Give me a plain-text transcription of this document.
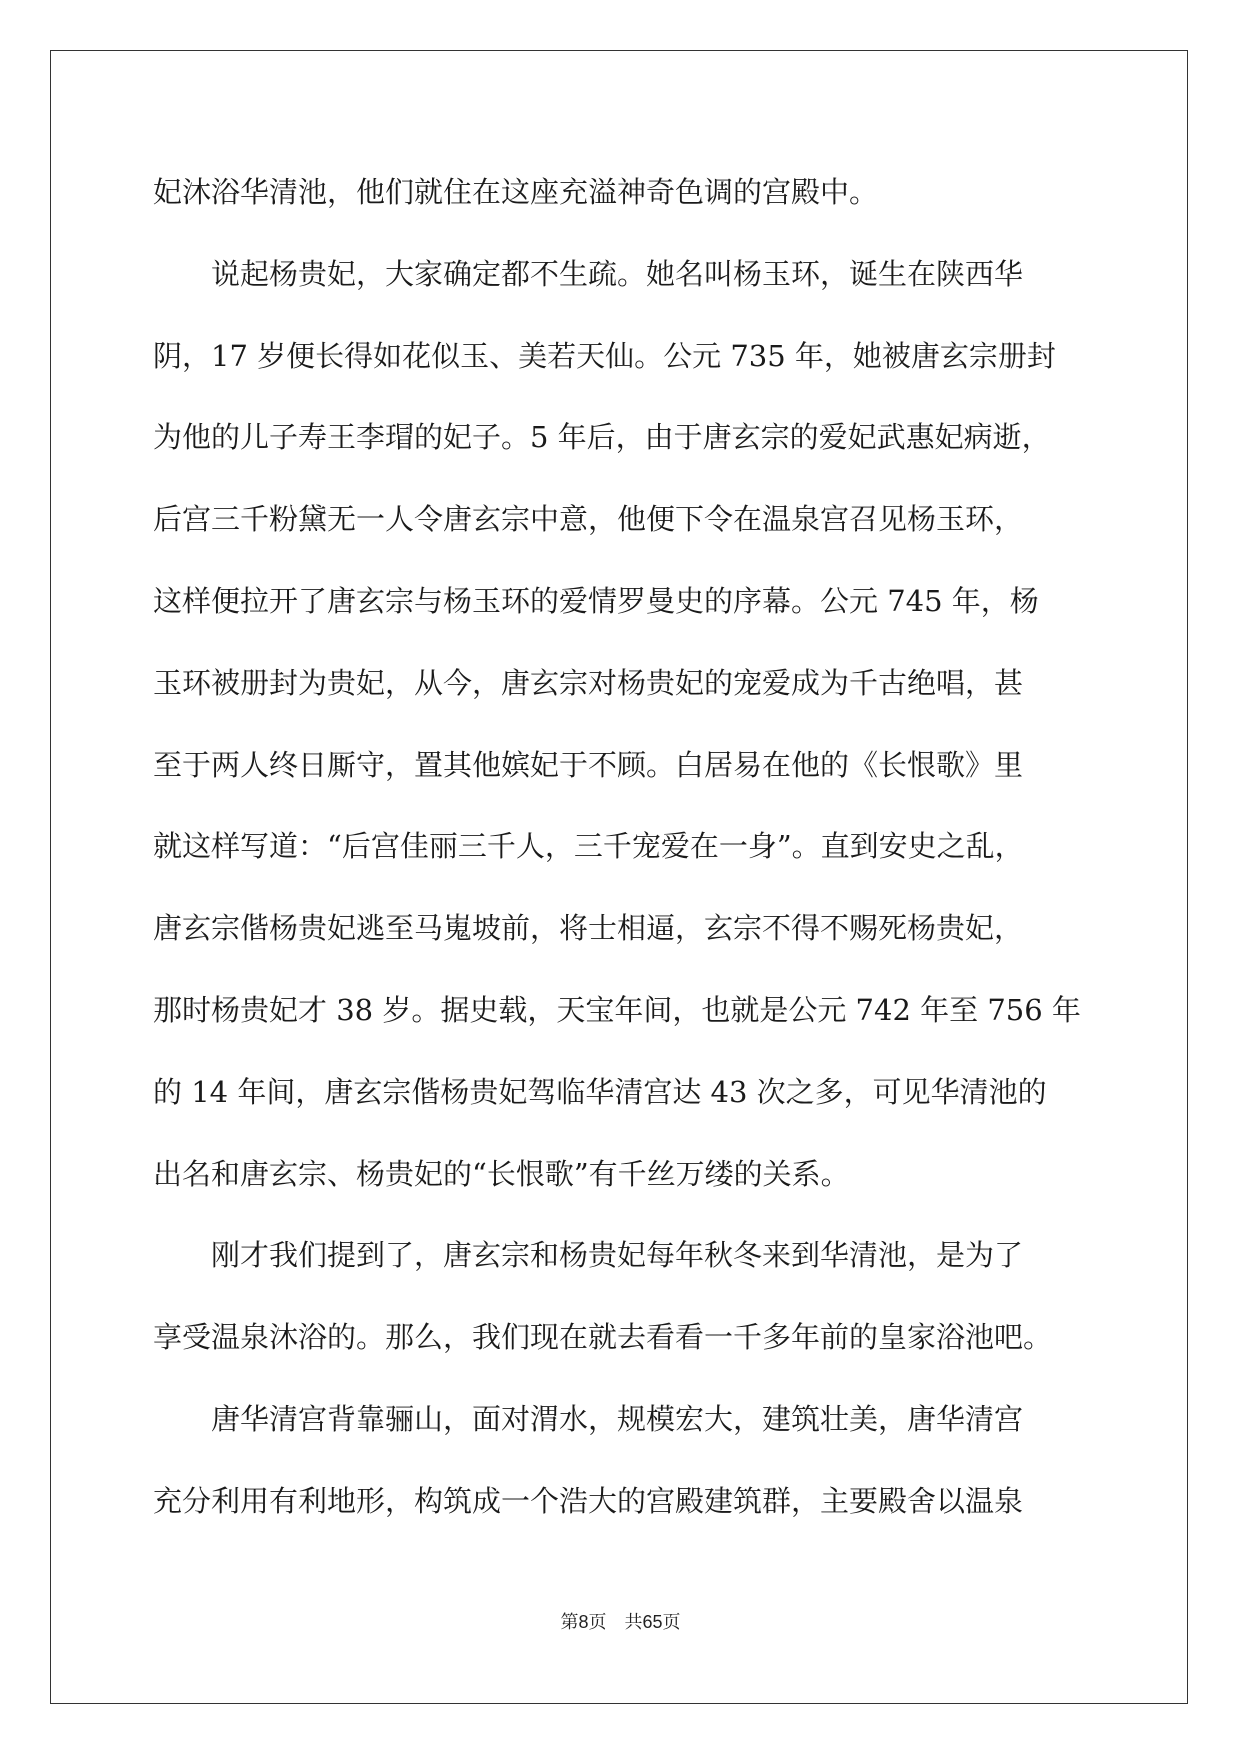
妃沐浴华清池，他们就住在这座充溢神奇色调的宫殿中。
　　说起杨贵妃，大家确定都不生疏。她名叫杨玉环，诞生在陕西华
阴，17 岁便长得如花似玉、美若天仙。公元 735 年，她被唐玄宗册封
为他的儿子寿王李瑁的妃子。5 年后，由于唐玄宗的爱妃武惠妃病逝，
后宫三千粉黛无一人令唐玄宗中意，他便下令在温泉宫召见杨玉环，
这样便拉开了唐玄宗与杨玉环的爱情罗曼史的序幕。公元 745 年，杨
玉环被册封为贵妃，从今，唐玄宗对杨贵妃的宠爱成为千古绝唱，甚
至于两人终日厮守，置其他嫔妃于不顾。白居易在他的《长恨歌》里
就这样写道：“后宫佳丽三千人，三千宠爱在一身”。直到安史之乱，
唐玄宗偕杨贵妃逃至马嵬坡前，将士相逼，玄宗不得不赐死杨贵妃，
那时杨贵妃才 38 岁。据史载，天宝年间，也就是公元 742 年至 756 年
的 14 年间，唐玄宗偕杨贵妃驾临华清宫达 43 次之多，可见华清池的
出名和唐玄宗、杨贵妃的“长恨歌”有千丝万缕的关系。
　　刚才我们提到了，唐玄宗和杨贵妃每年秋冬来到华清池，是为了
享受温泉沐浴的。那么，我们现在就去看看一千多年前的皇家浴池吧。
　　唐华清宫背靠骊山，面对渭水，规模宏大，建筑壮美，唐华清宫
充分利用有利地形，构筑成一个浩大的宫殿建筑群，主要殿舍以温泉
第8页 共65页
